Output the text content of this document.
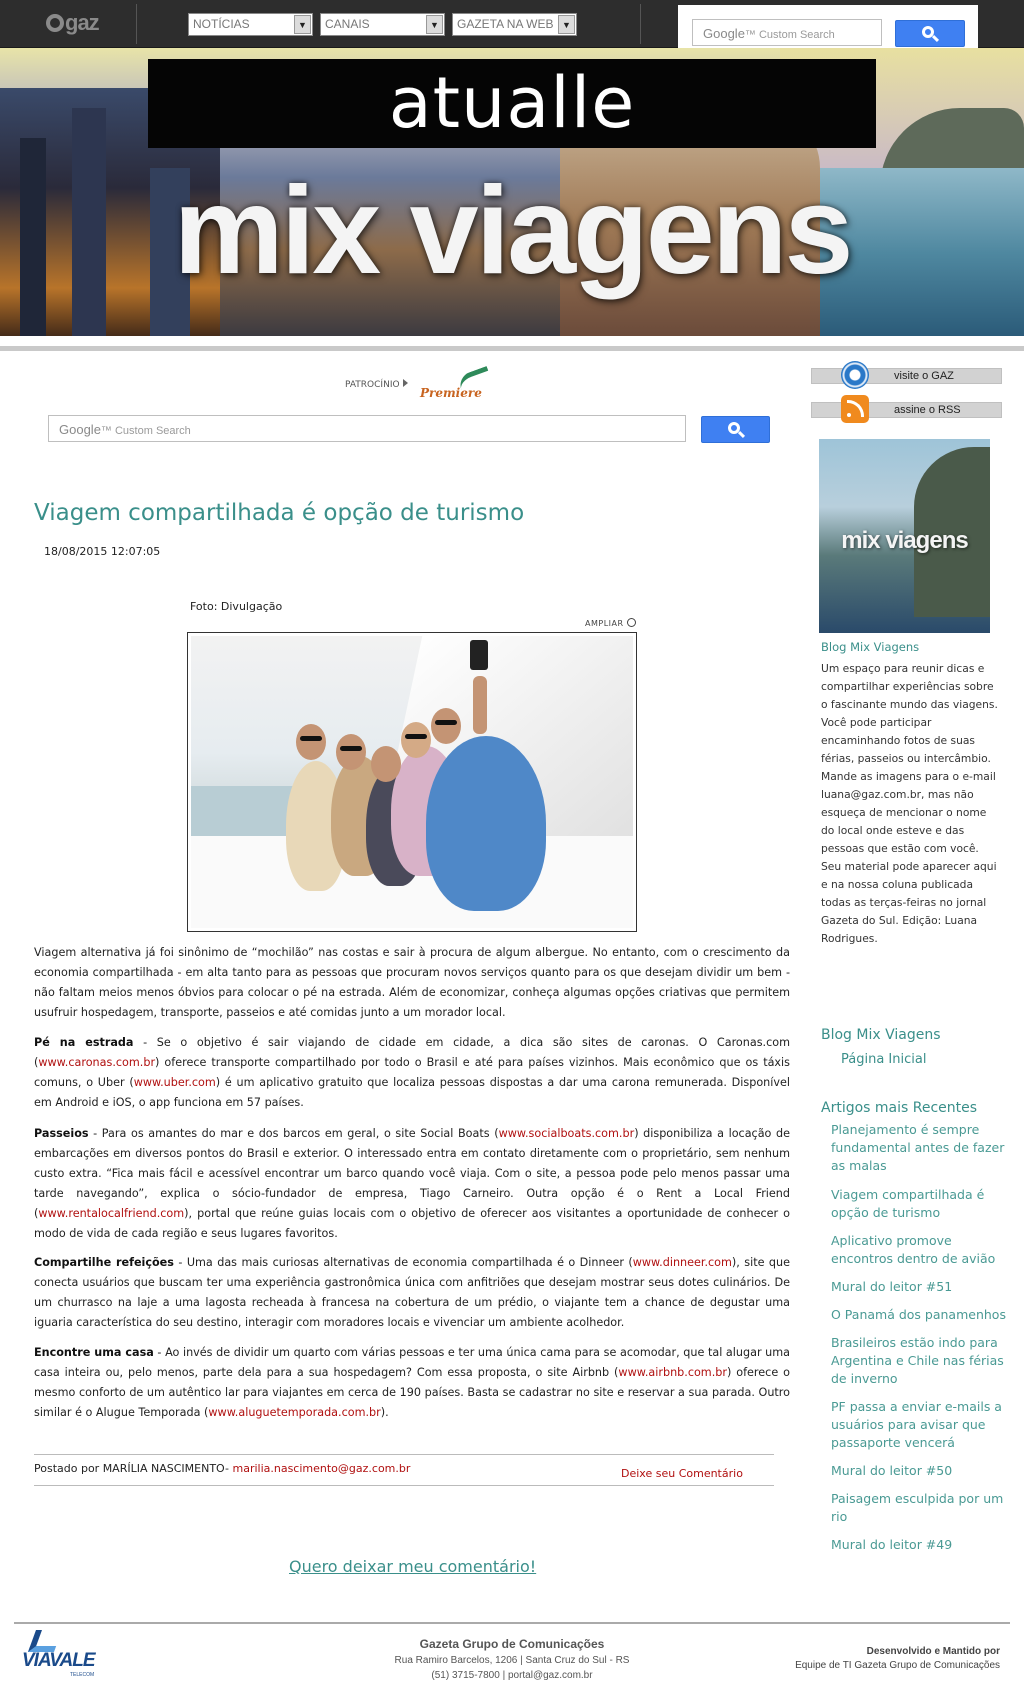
gaz	NOTÍCIAS	▼	CANAIS	▼	GAZETA NA WEB ▼
Google™ Custom Search
atualle
mix viagens
PATROCÍNIO
Premiere
Google™ Custom Search
Viagem compartilhada é opção de turismo
18/08/2015 12:07:05
Foto: Divulgação
AMPLIAR
Viagem alternativa já foi sinônimo de “mochilão” nas costas e sair à procura de algum albergue. No entanto, com o crescimento da economia compartilhada - em alta tanto para as pessoas que procuram novos serviços quanto para os que desejam dividir um bem - não faltam meios menos óbvios para colocar o pé na estrada. Além de economizar, conheça algumas opções criativas que permitem usufruir hospedagem, transporte, passeios e até comidas junto a um morador local.
Pé na estrada - Se o objetivo é sair viajando de cidade em cidade, a dica são sites de caronas. O Caronas.com (www.caronas.com.br) oferece transporte compartilhado por todo o Brasil e até para países vizinhos. Mais econômico que os táxis comuns, o Uber (www.uber.com) é um aplicativo gratuito que localiza pessoas dispostas a dar uma carona remunerada. Disponível em Android e iOS, o app funciona em 57 países.
Passeios - Para os amantes do mar e dos barcos em geral, o site Social Boats (www.socialboats.com.br) disponibiliza a locação de embarcações em diversos pontos do Brasil e exterior. O interessado entra em contato diretamente com o proprietário, sem nenhum custo extra. “Fica mais fácil e acessível encontrar um barco quando você viaja. Com o site, a pessoa pode pelo menos passar uma tarde navegando”, explica o sócio-fundador de empresa, Tiago Carneiro. Outra opção é o Rent a Local Friend (www.rentalocalfriend.com), portal que reúne guias locais com o objetivo de oferecer aos visitantes a oportunidade de conhecer o modo de vida de cada região e seus lugares favoritos.
Compartilhe refeições - Uma das mais curiosas alternativas de economia compartilhada é o Dinneer (www.dinneer.com), site que conecta usuários que buscam ter uma experiência gastronômica única com anfitriões que desejam mostrar seus dotes culinários. De um churrasco na laje a uma lagosta recheada à francesa na cobertura de um prédio, o viajante tem a chance de degustar uma iguaria característica do seu destino, interagir com moradores locais e vivenciar um ambiente acolhedor.
Encontre uma casa - Ao invés de dividir um quarto com várias pessoas e ter uma única cama para se acomodar, que tal alugar uma casa inteira ou, pelo menos, parte dela para a sua hospedagem? Com essa proposta, o site Airbnb (www.airbnb.com.br) oferece o mesmo conforto de um autêntico lar para viajantes em cerca de 190 países. Basta se cadastrar no site e reservar a sua parada. Outro similar é o Alugue Temporada (www.aluguetemporada.com.br).
Postado por MARÍLIA NASCIMENTO- marilia.nascimento@gaz.com.br	Deixe seu Comentário
Quero deixar meu comentário!
visite o GAZ
assine o RSS
mix viagens
Blog Mix Viagens
Um espaço para reunir dicas e compartilhar experiências sobre o fascinante mundo das viagens. Você pode participar encaminhando fotos de suas férias, passeios ou intercâmbio. Mande as imagens para o e-mail luana@gaz.com.br, mas não esqueça de mencionar o nome do local onde esteve e das pessoas que estão com você. Seu material pode aparecer aqui e na nossa coluna publicada todas as terças-feiras no jornal Gazeta do Sul. Edição: Luana Rodrigues.
Blog Mix Viagens
Página Inicial
Artigos mais Recentes
Planejamento é sempre fundamental antes de fazer as malas
Viagem compartilhada é opção de turismo
Aplicativo promove encontros dentro de avião
Mural do leitor #51
O Panamá dos panamenhos
Brasileiros estão indo para Argentina e Chile nas férias de inverno
PF passa a enviar e-mails a usuários para avisar que passaporte vencerá
Mural do leitor #50
Paisagem esculpida por um rio
Mural do leitor #49
VIAVALE
TELECOM
Gazeta Grupo de Comunicações
Rua Ramiro Barcelos, 1206 | Santa Cruz do Sul - RS
(51) 3715-7800 | portal@gaz.com.br
Desenvolvido e Mantido por
Equipe de TI Gazeta Grupo de Comunicações
